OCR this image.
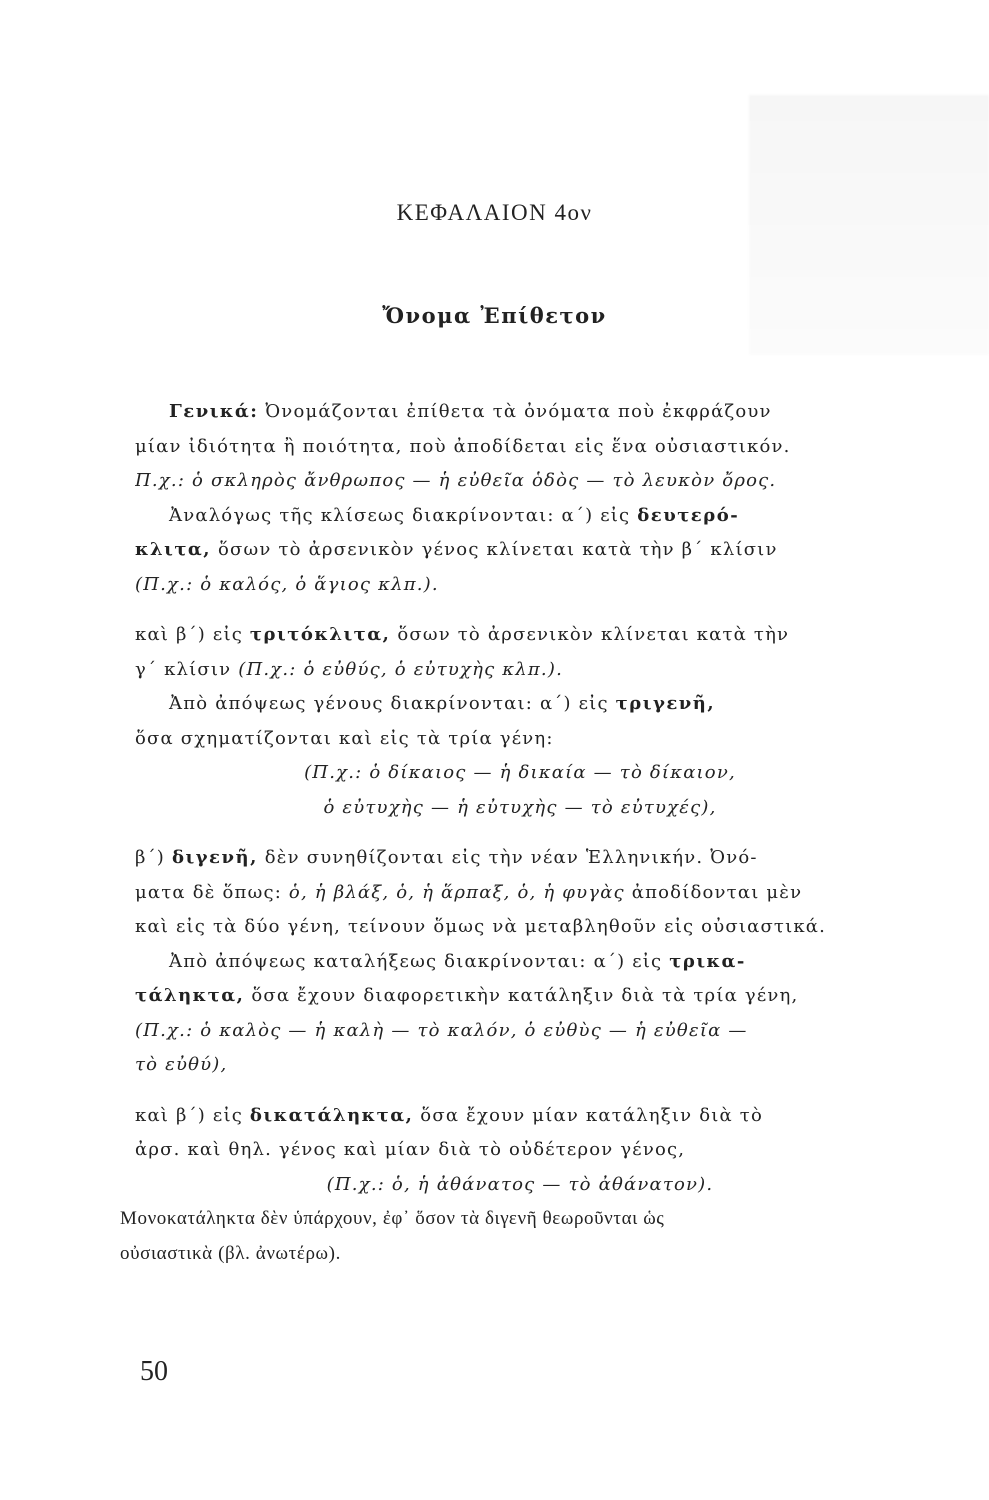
ΚΕΦΑΛΑΙΟΝ 4ον
Ὄνομα Ἐπίθετον
Γενικά: Ὀνομάζονται ἐπίθετα τὰ ὀνόματα ποὺ ἐκφράζουν
μίαν ἰδιότητα ἢ ποιότητα, ποὺ ἀποδίδεται εἰς ἕνα οὐσιαστικόν.
Π.χ.: ὁ σκληρὸς ἄνθρωπος — ἡ εὐθεῖα ὁδὸς — τὸ λευκὸν ὄρος.
Ἀναλόγως τῆς κλίσεως διακρίνονται: α΄) εἰς δευτερό-
κλιτα, ὅσων τὸ ἀρσενικὸν γένος κλίνεται κατὰ τὴν β΄ κλίσιν
(Π.χ.: ὁ καλός, ὁ ἅγιος κλπ.).
καὶ β΄) εἰς τριτόκλιτα, ὅσων τὸ ἀρσενικὸν κλίνεται κατὰ τὴν
γ΄ κλίσιν (Π.χ.: ὁ εὐθύς, ὁ εὐτυχὴς κλπ.).
Ἀπὸ ἀπόψεως γένους διακρίνονται: α΄) εἰς τριγενῆ,
ὅσα σχηματίζονται καὶ εἰς τὰ τρία γένη:
(Π.χ.: ὁ δίκαιος — ἡ δικαία — τὸ δίκαιον,
ὁ εὐτυχὴς — ἡ εὐτυχὴς — τὸ εὐτυχές),
β΄) διγενῆ, δὲν συνηθίζονται εἰς τὴν νέαν Ἑλληνικήν. Ὀνό-
ματα δὲ ὅπως: ὁ, ἡ βλάξ, ὁ, ἡ ἅρπαξ, ὁ, ἡ φυγὰς ἀποδίδονται μὲν
καὶ εἰς τὰ δύο γένη, τείνουν ὅμως νὰ μεταβληθοῦν εἰς οὐσιαστικά.
Ἀπὸ ἀπόψεως καταλήξεως διακρίνονται: α΄) εἰς τρικα-
τάληκτα, ὅσα ἔχουν διαφορετικὴν κατάληξιν διὰ τὰ τρία γένη,
(Π.χ.: ὁ καλὸς — ἡ καλὴ — τὸ καλόν, ὁ εὐθὺς — ἡ εὐθεῖα —
τὸ εὐθύ),
καὶ β΄) εἰς δικατάληκτα, ὅσα ἔχουν μίαν κατάληξιν διὰ τὸ
ἀρσ. καὶ θηλ. γένος καὶ μίαν διὰ τὸ οὐδέτερον γένος,
(Π.χ.: ὁ, ἡ ἀθάνατος — τὸ ἀθάνατον).
Μονοκατάληκτα δὲν ὑπάρχουν, ἐφ᾿ ὅσον τὰ διγενῆ θεωροῦνται ὡς
οὐσιαστικὰ (βλ. ἀνωτέρω).
50
